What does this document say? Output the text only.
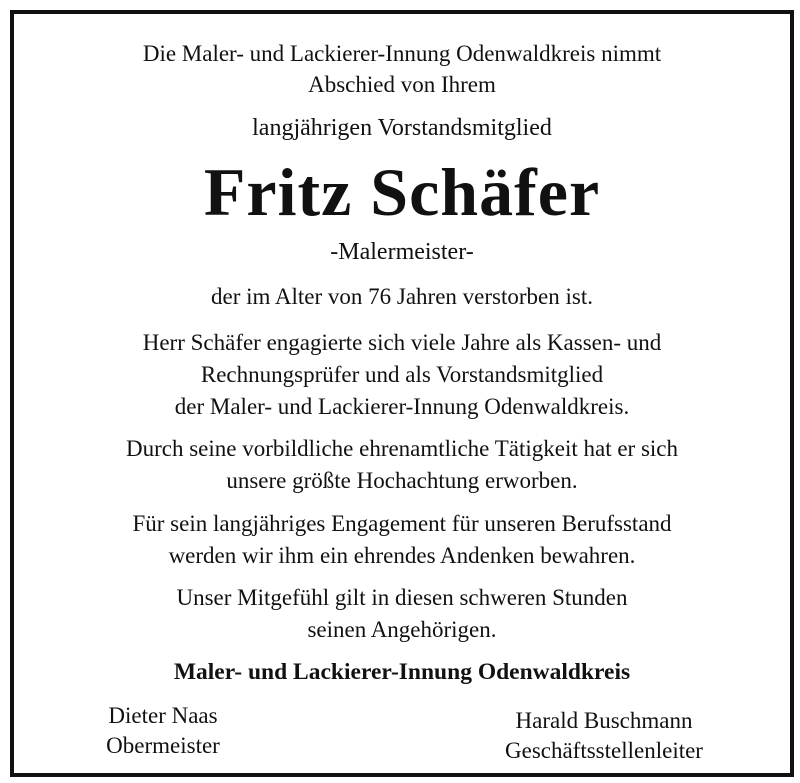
Die Maler- und Lackierer-Innung Odenwaldkreis nimmt
Abschied von Ihrem
langjährigen Vorstandsmitglied
Fritz Schäfer
-Malermeister-
der im Alter von 76 Jahren verstorben ist.
Herr Schäfer engagierte sich viele Jahre als Kassen- und
Rechnungsprüfer und als Vorstandsmitglied
der Maler- und Lackierer-Innung Odenwaldkreis.
Durch seine vorbildliche ehrenamtliche Tätigkeit hat er sich
unsere größte Hochachtung erworben.
Für sein langjähriges Engagement für unseren Berufsstand
werden wir ihm ein ehrendes Andenken bewahren.
Unser Mitgefühl gilt in diesen schweren Stunden
seinen Angehörigen.
Maler- und Lackierer-Innung Odenwaldkreis
Dieter Naas
Obermeister
Harald Buschmann
Geschäftsstellenleiter
